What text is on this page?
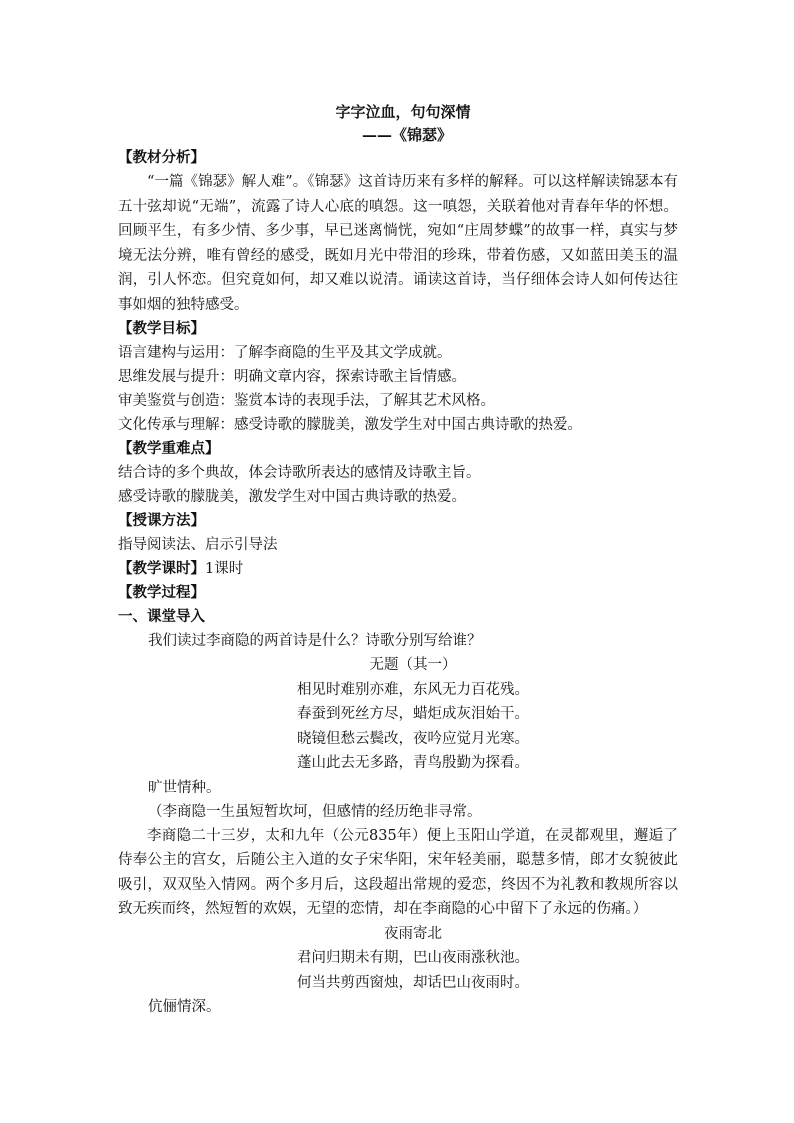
字字泣血，句句深情
——《锦瑟》
【教材分析】
“一篇《锦瑟》解人难”。《锦瑟》这首诗历来有多样的解释。可以这样解读锦瑟本有五十弦却说“无端”，流露了诗人心底的嗔怨。这一嗔怨，关联着他对青春年华的怀想。回顾平生，有多少情、多少事，早已迷离惝恍，宛如“庄周梦蝶”的故事一样，真实与梦境无法分辨，唯有曾经的感受，既如月光中带泪的珍珠，带着伤感，又如蓝田美玉的温润，引人怀恋。但究竟如何，却又难以说清。诵读这首诗，当仔细体会诗人如何传达往事如烟的独特感受。
【教学目标】
语言建构与运用：了解李商隐的生平及其文学成就。
思维发展与提升：明确文章内容，探索诗歌主旨情感。
审美鉴赏与创造：鉴赏本诗的表现手法，了解其艺术风格。
文化传承与理解：感受诗歌的朦胧美，激发学生对中国古典诗歌的热爱。
【教学重难点】
结合诗的多个典故，体会诗歌所表达的感情及诗歌主旨。
感受诗歌的朦胧美，激发学生对中国古典诗歌的热爱。
【授课方法】
指导阅读法、启示引导法
【教学课时】1课时
【教学过程】
一、课堂导入
我们读过李商隐的两首诗是什么？诗歌分别写给谁？
无题（其一）
相见时难别亦难，东风无力百花残。
春蚕到死丝方尽，蜡炬成灰泪始干。
晓镜但愁云鬓改，夜吟应觉月光寒。
蓬山此去无多路，青鸟殷勤为探看。
旷世情种。
（李商隐一生虽短暂坎坷，但感情的经历绝非寻常。
李商隐二十三岁，太和九年（公元835年）便上玉阳山学道，在灵都观里，邂逅了侍奉公主的宫女，后随公主入道的女子宋华阳，宋年轻美丽，聪慧多情，郎才女貌彼此吸引，双双坠入情网。两个多月后，这段超出常规的爱恋，终因不为礼教和教规所容以致无疾而终，然短暂的欢娱，无望的恋情，却在李商隐的心中留下了永远的伤痛。）
夜雨寄北
君问归期未有期，巴山夜雨涨秋池。
何当共剪西窗烛，却话巴山夜雨时。
伉俪情深。
